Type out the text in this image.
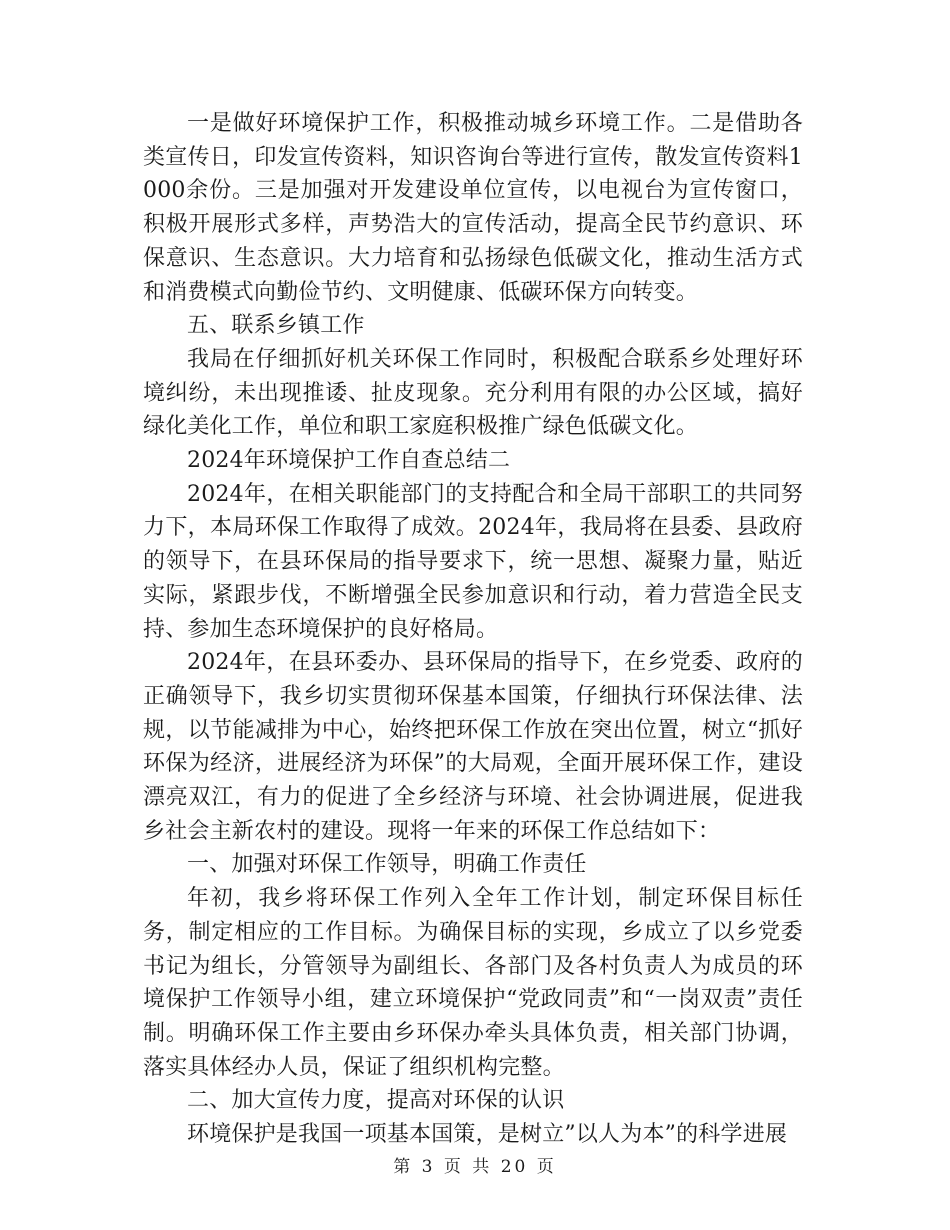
一是做好环境保护工作，积极推动城乡环境工作。二是借助各类宣传日，印发宣传资料，知识咨询台等进行宣传，散发宣传资料1000余份。三是加强对开发建设单位宣传，以电视台为宣传窗口，积极开展形式多样，声势浩大的宣传活动，提高全民节约意识、环保意识、生态意识。大力培育和弘扬绿色低碳文化，推动生活方式和消费模式向勤俭节约、文明健康、低碳环保方向转变。

五、联系乡镇工作

我局在仔细抓好机关环保工作同时，积极配合联系乡处理好环境纠纷，未出现推诿、扯皮现象。充分利用有限的办公区域，搞好绿化美化工作，单位和职工家庭积极推广绿色低碳文化。

2024年环境保护工作自查总结二

2024年，在相关职能部门的支持配合和全局干部职工的共同努力下，本局环保工作取得了成效。2024年，我局将在县委、县政府的领导下，在县环保局的指导要求下，统一思想、凝聚力量，贴近实际，紧跟步伐，不断增强全民参加意识和行动，着力营造全民支持、参加生态环境保护的良好格局。

2024年，在县环委办、县环保局的指导下，在乡党委、政府的正确领导下，我乡切实贯彻环保基本国策，仔细执行环保法律、法规，以节能减排为中心，始终把环保工作放在突出位置，树立“抓好环保为经济，进展经济为环保”的大局观，全面开展环保工作，建设漂亮双江，有力的促进了全乡经济与环境、社会协调进展，促进我乡社会主新农村的建设。现将一年来的环保工作总结如下：

一、加强对环保工作领导，明确工作责任

年初，我乡将环保工作列入全年工作计划，制定环保目标任务，制定相应的工作目标。为确保目标的实现，乡成立了以乡党委书记为组长，分管领导为副组长、各部门及各村负责人为成员的环境保护工作领导小组，建立环境保护“党政同责”和“一岗双责”责任制。明确环保工作主要由乡环保办牵头具体负责，相关部门协调，落实具体经办人员，保证了组织机构完整。

二、加大宣传力度，提高对环保的认识

环境保护是我国一项基本国策，是树立”以人为本”的科学进展

第 3 页 共 20 页
